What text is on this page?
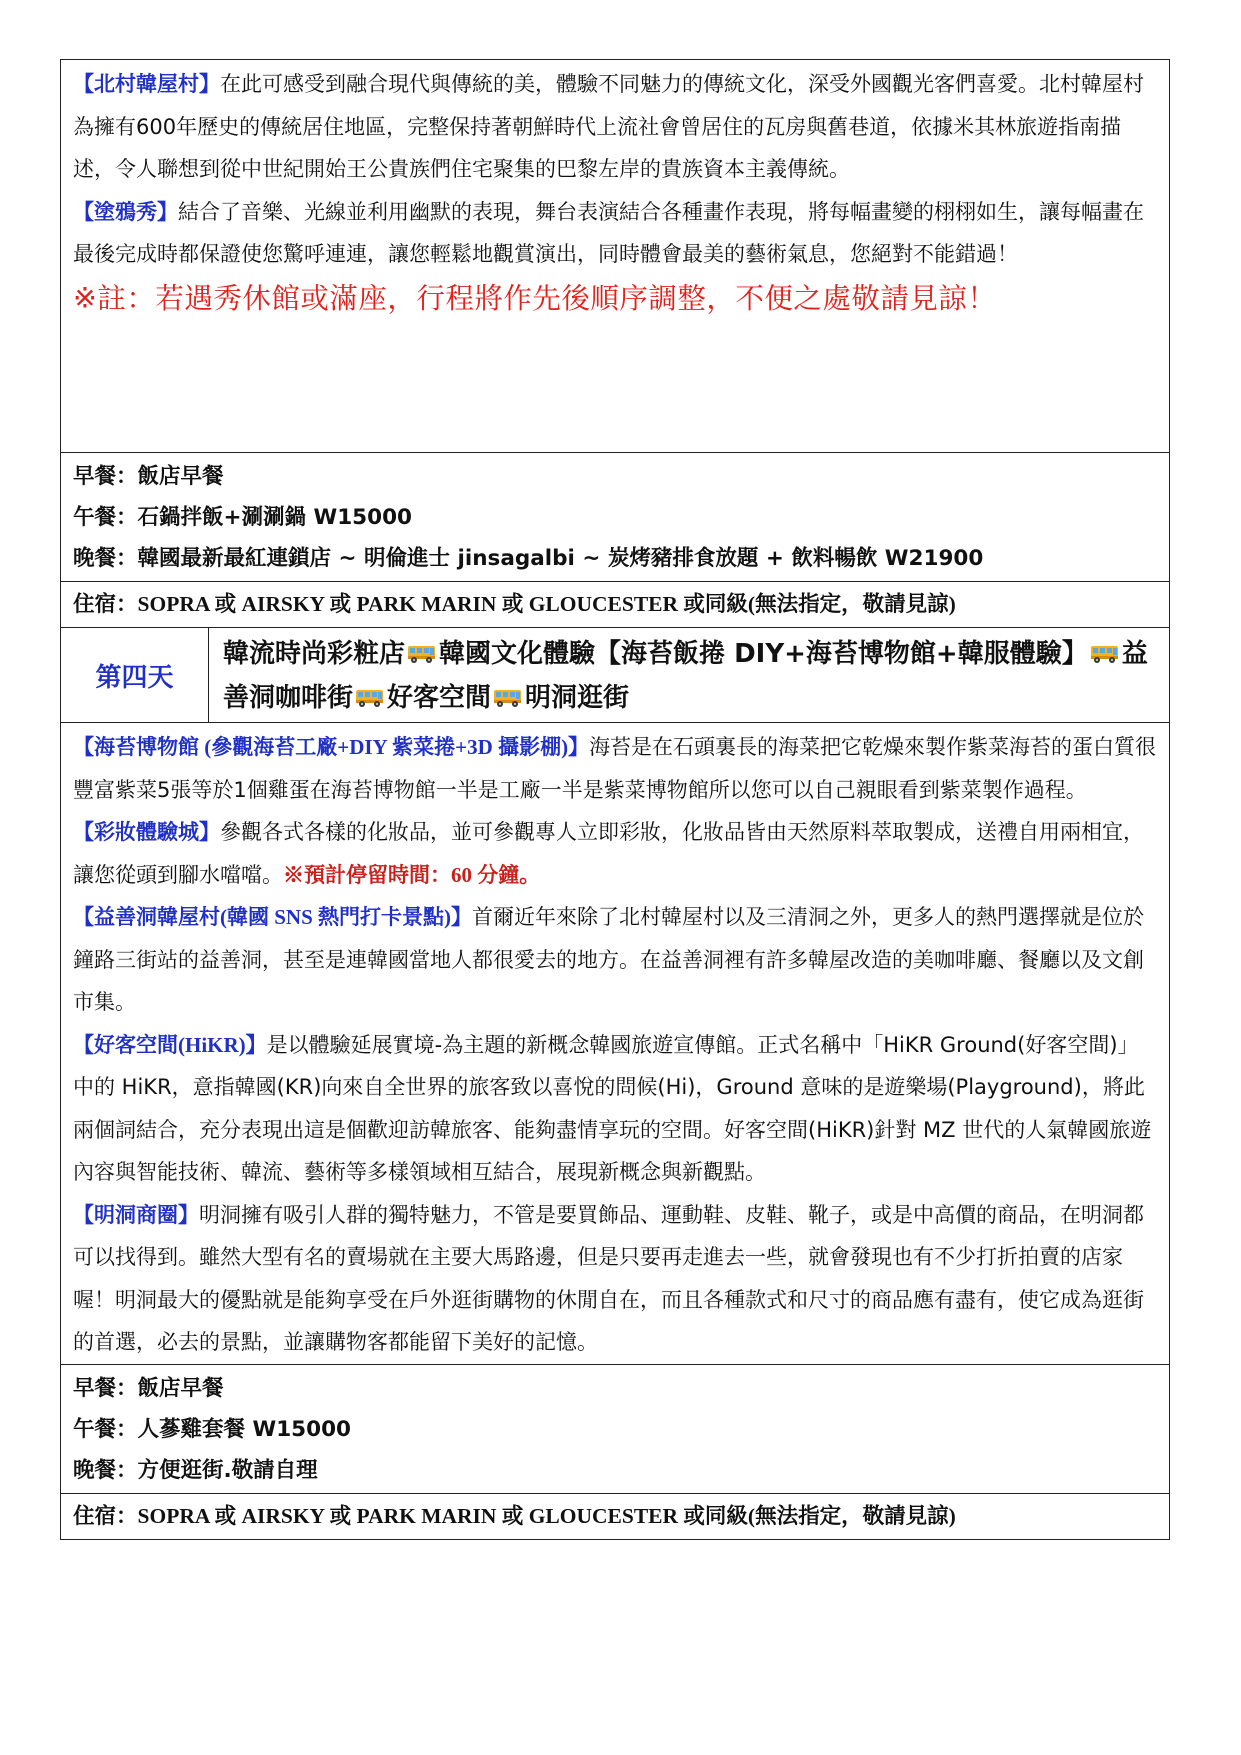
【北村韓屋村】在此可感受到融合現代與傳統的美，體驗不同魅力的傳統文化，深受外國觀光客們喜愛。北村韓屋村為擁有600年歷史的傳統居住地區，完整保持著朝鮮時代上流社會曾居住的瓦房與舊巷道，依據米其林旅遊指南描述，令人聯想到從中世紀開始王公貴族們住宅聚集的巴黎左岸的貴族資本主義傳統。

【塗鴉秀】結合了音樂、光線並利用幽默的表現，舞台表演結合各種畫作表現，將每幅畫變的栩栩如生，讓每幅畫在最後完成時都保證使您驚呼連連，讓您輕鬆地觀賞演出，同時體會最美的藝術氣息，您絕對不能錯過！

※註：若遇秀休館或滿座，行程將作先後順序調整，不便之處敬請見諒！

早餐：飯店早餐

午餐：石鍋拌飯+涮涮鍋 W15000

晚餐：韓國最新最紅連鎖店 ~ 明倫進士 jinsagalbi ~ 炭烤豬排食放題 + 飲料暢飲 W21900

住宿：SOPRA 或 AIRSKY 或 PARK MARIN 或 GLOUCESTER 或同級(無法指定，敬請見諒)
第四天	韓流時尚彩粧店 韓國文化體驗【海苔飯捲 DIY+海苔博物館+韓服體驗】 益善洞咖啡街 好客空間 明洞逛街

【海苔博物館 (參觀海苔工廠+DIY 紫菜捲+3D 攝影棚)】海苔是在石頭裏長的海菜把它乾燥來製作紫菜海苔的蛋白質很豐富紫菜5張等於1個雞蛋在海苔博物館一半是工廠一半是紫菜博物館所以您可以自己親眼看到紫菜製作過程。

【彩妝體驗城】參觀各式各樣的化妝品，並可參觀專人立即彩妝，化妝品皆由天然原料萃取製成，送禮自用兩相宜，讓您從頭到腳水噹噹。※預計停留時間：60 分鐘。

【益善洞韓屋村(韓國 SNS 熱門打卡景點)】首爾近年來除了北村韓屋村以及三清洞之外，更多人的熱門選擇就是位於鐘路三街站的益善洞，甚至是連韓國當地人都很愛去的地方。在益善洞裡有許多韓屋改造的美咖啡廳、餐廳以及文創市集。

【好客空間(HiKR)】是以體驗延展實境-為主題的新概念韓國旅遊宣傳館。正式名稱中「HiKR Ground(好客空間)」中的 HiKR，意指韓國(KR)向來自全世界的旅客致以喜悅的問候(Hi)，Ground 意味的是遊樂場(Playground)，將此兩個詞結合，充分表現出這是個歡迎訪韓旅客、能夠盡情享玩的空間。好客空間(HiKR)針對 MZ 世代的人氣韓國旅遊內容與智能技術、韓流、藝術等多樣領域相互結合，展現新概念與新觀點。

【明洞商圈】明洞擁有吸引人群的獨特魅力，不管是要買飾品、運動鞋、皮鞋、靴子，或是中高價的商品，在明洞都可以找得到。雖然大型有名的賣場就在主要大馬路邊，但是只要再走進去一些，就會發現也有不少打折拍賣的店家喔！明洞最大的優點就是能夠享受在戶外逛街購物的休閒自在，而且各種款式和尺寸的商品應有盡有，使它成為逛街的首選，必去的景點，並讓購物客都能留下美好的記憶。

早餐：飯店早餐

午餐：人蔘雞套餐 W15000

晚餐：方便逛街.敬請自理

住宿：SOPRA 或 AIRSKY 或 PARK MARIN 或 GLOUCESTER 或同級(無法指定，敬請見諒)
